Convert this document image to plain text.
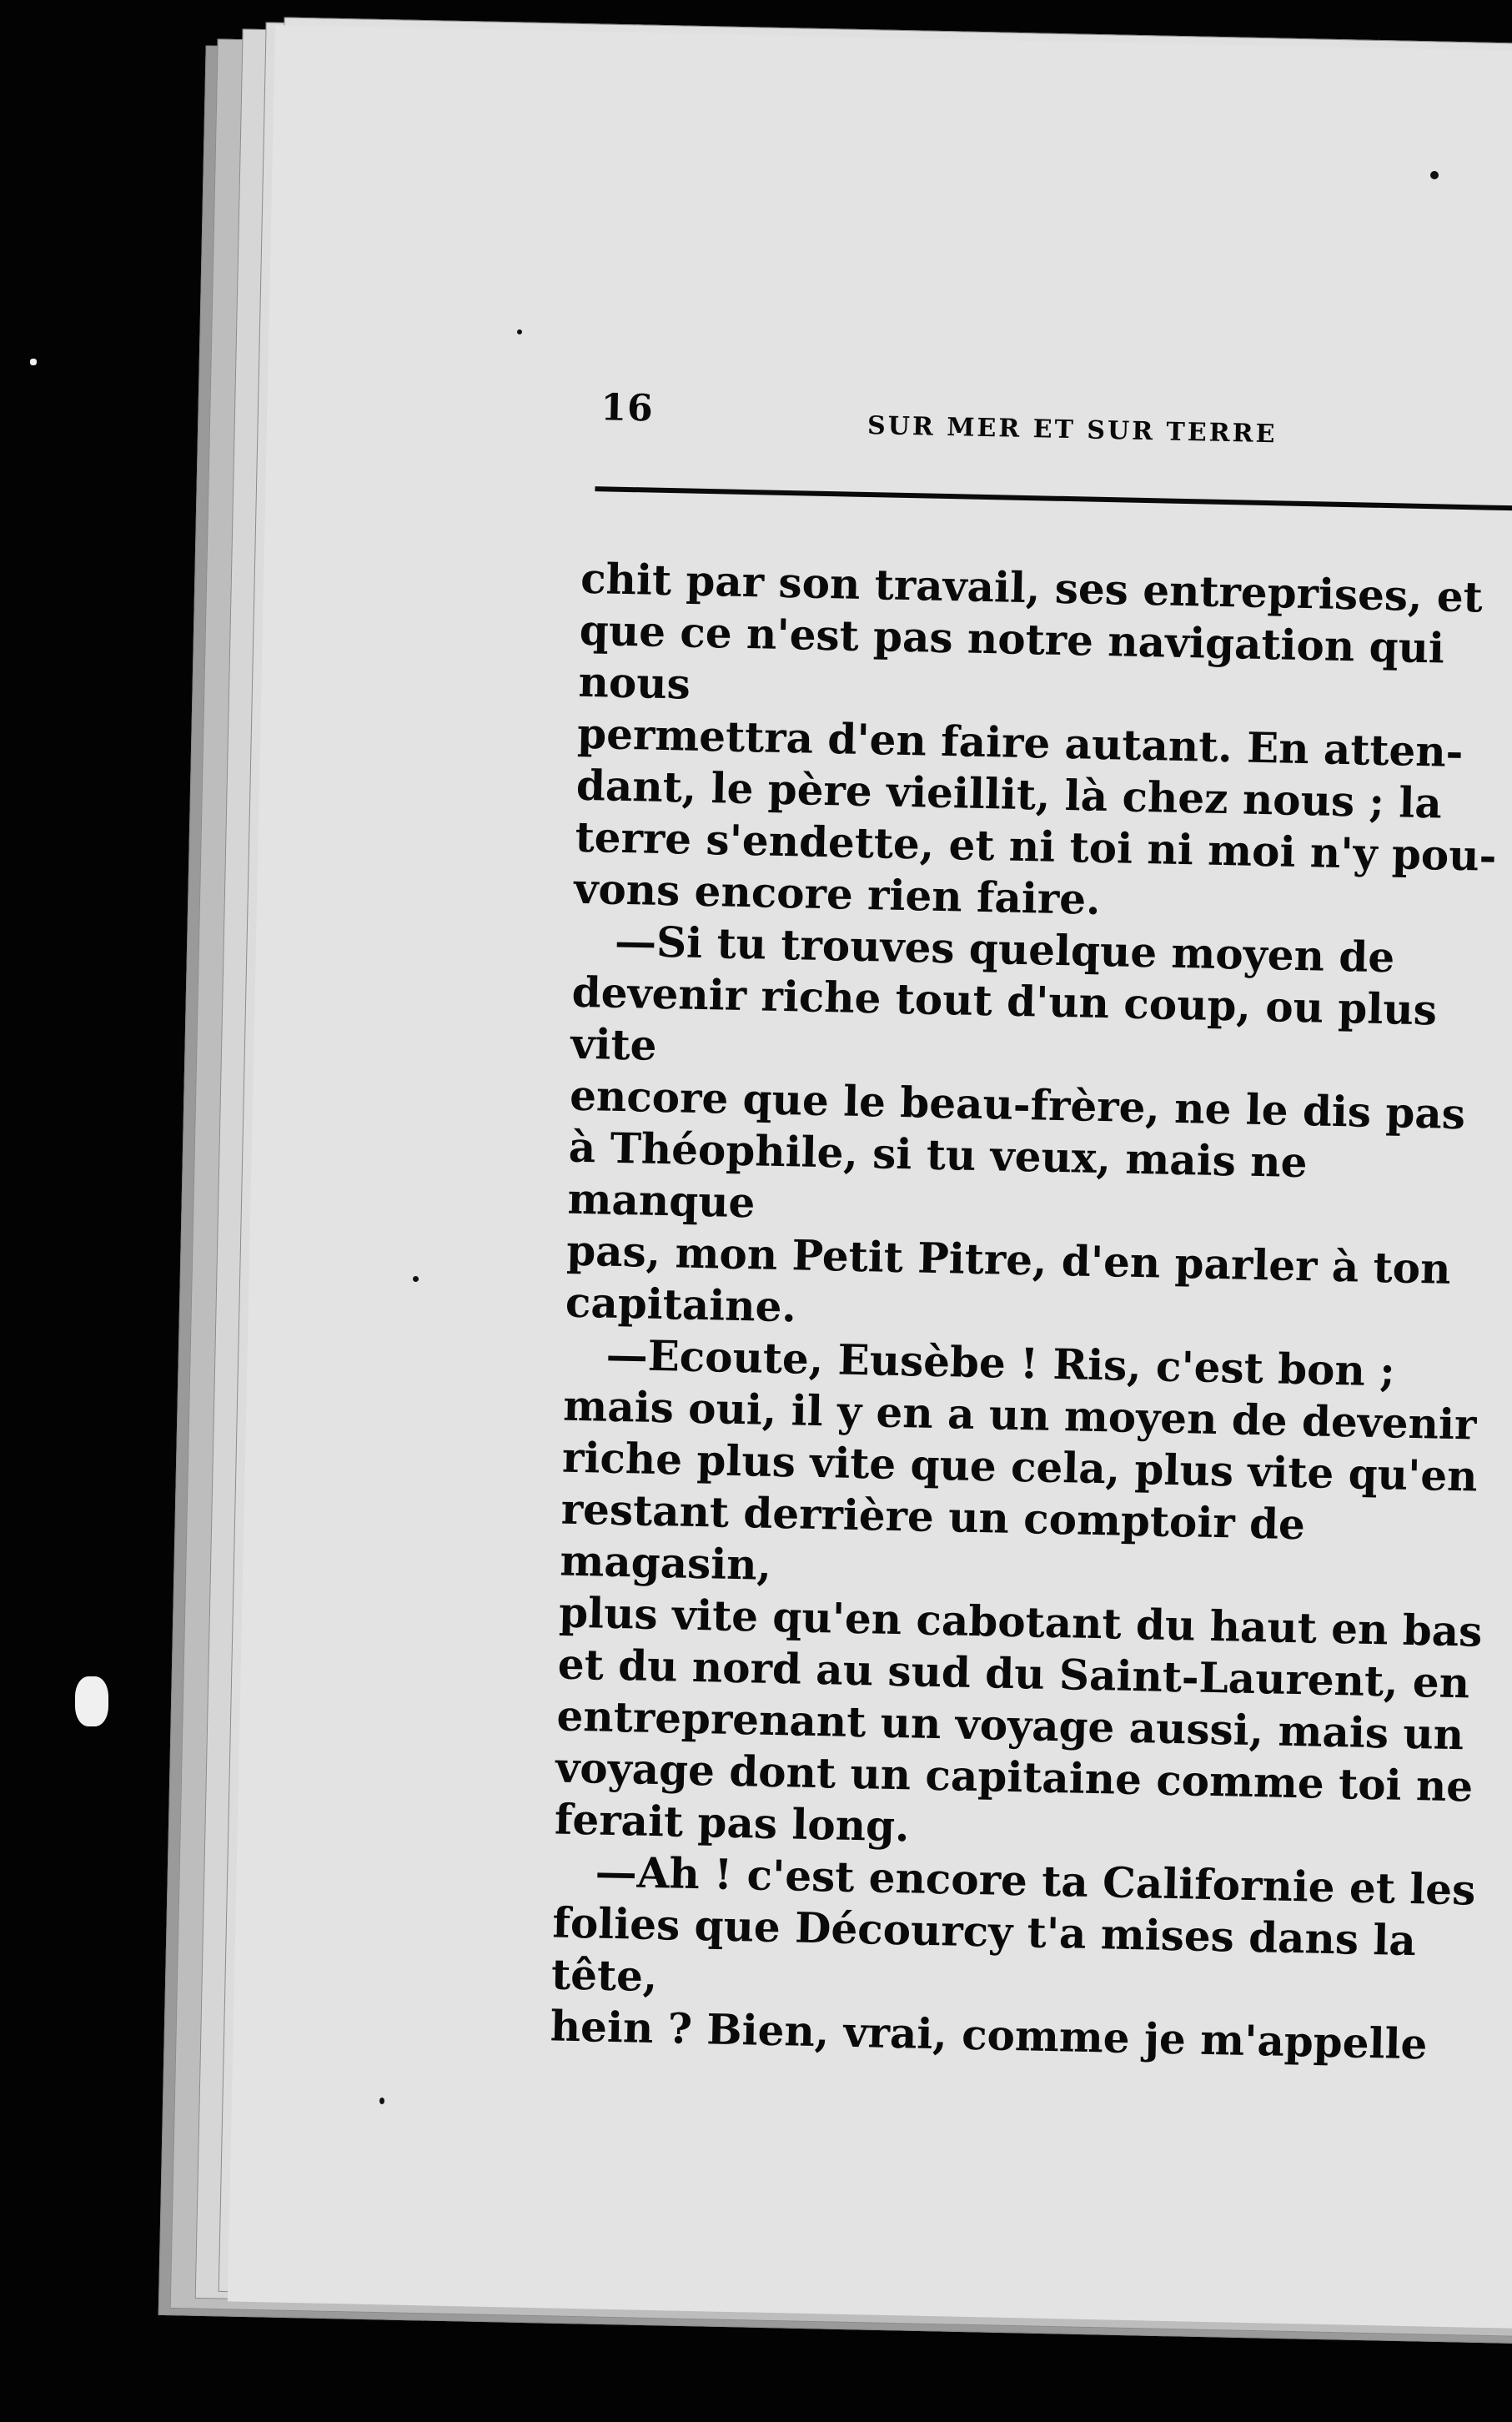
16
SUR MER ET SUR TERRE

chit par son travail, ses entreprises, et
que ce n'est pas notre navigation qui nous
permettra d'en faire autant. En atten-
dant, le père vieillit, là chez nous ; la
terre s'endette, et ni toi ni moi n'y pou-
vons encore rien faire.

—Si tu trouves quelque moyen de
devenir riche tout d'un coup, ou plus vite
encore que le beau-frère, ne le dis pas
à Théophile, si tu veux, mais ne manque
pas, mon Petit Pitre, d'en parler à ton
capitaine.

—Ecoute, Eusèbe ! Ris, c'est bon ;
mais oui, il y en a un moyen de devenir
riche plus vite que cela, plus vite qu'en
restant derrière un comptoir de magasin,
plus vite qu'en cabotant du haut en bas
et du nord au sud du Saint-Laurent, en
entreprenant un voyage aussi, mais un
voyage dont un capitaine comme toi ne
ferait pas long.

—Ah ! c'est encore ta Californie et les
folies que Décourcy t'a mises dans la tête,
hein ? Bien, vrai, comme je m'appelle
